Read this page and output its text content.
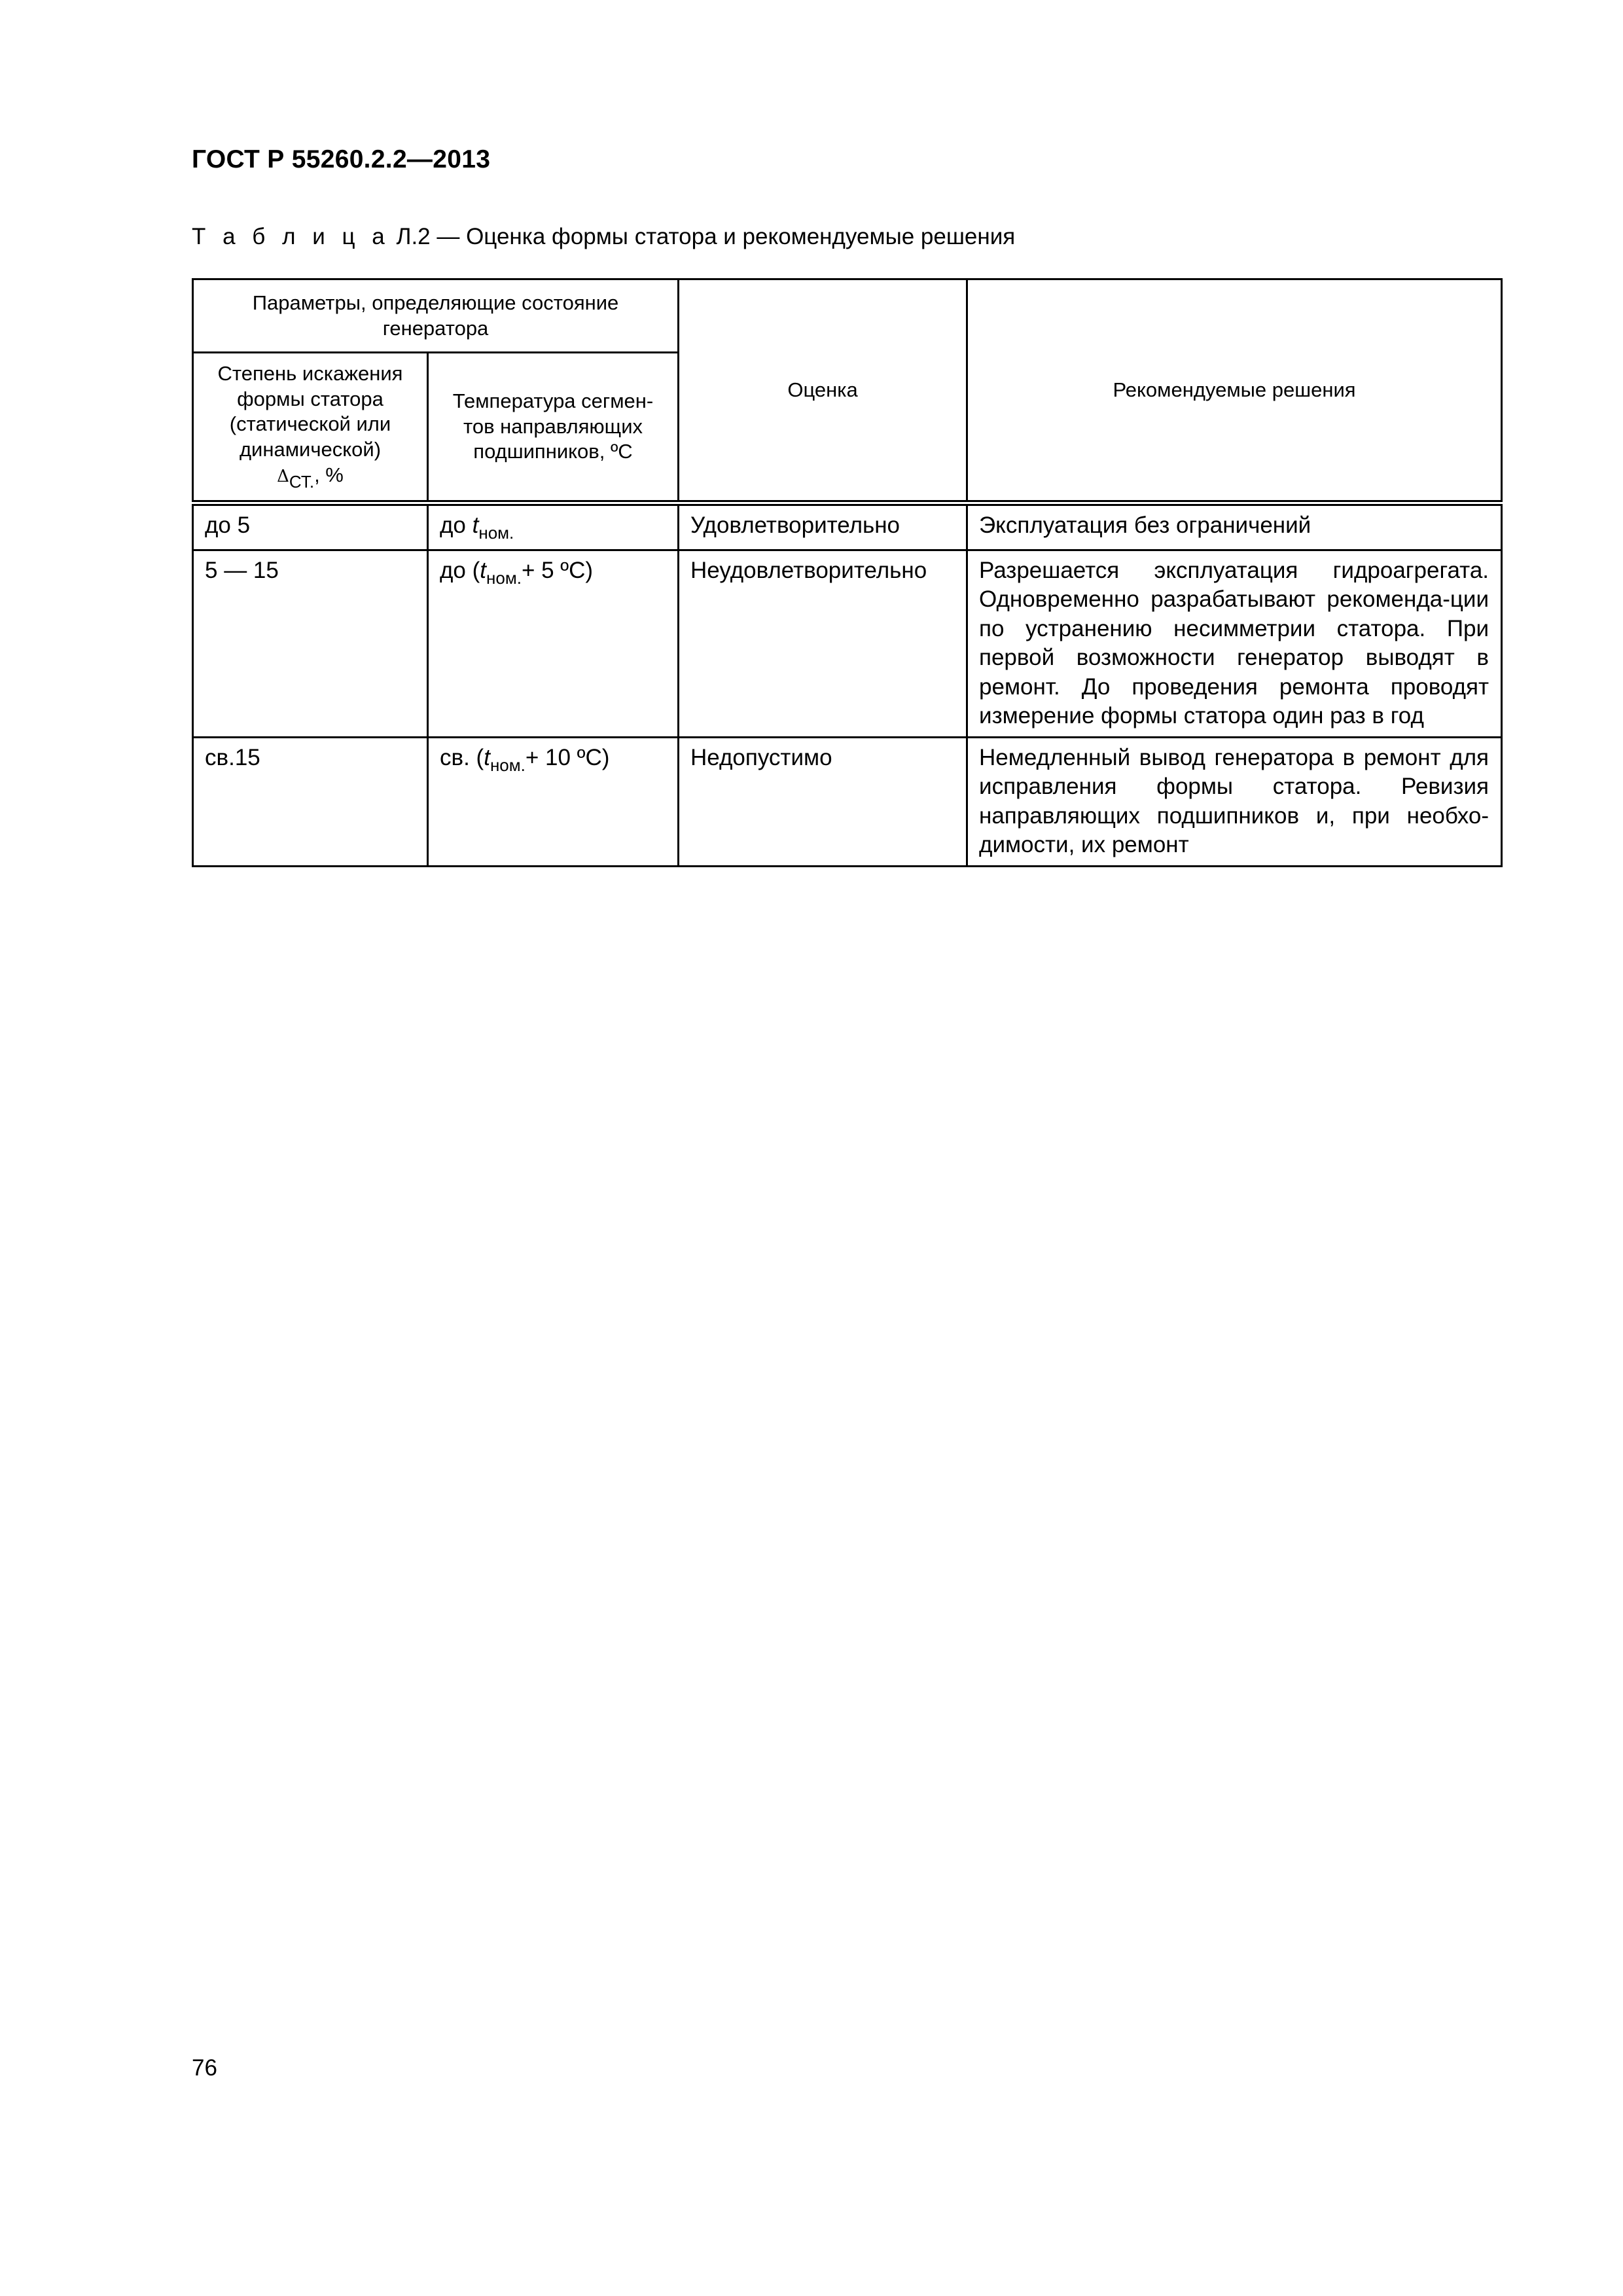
ГОСТ Р 55260.2.2—2013
Т а б л и ц а Л.2 — Оценка формы статора и рекомендуемые решения
Параметры, определяющие состояние генератора		Оценка	Рекомендуемые решения
Степень искажения формы статора (статической или динамической)
$\Delta_{СТ.}$, %	Температура сегмен-тов направляющих подшипников, ºС		
до 5	до $t_{ном.}$	Удовлетворительно	Эксплуатация без ограничений
5 — 15	до ($t_{ном.}+ 5$ ºС)	Неудовлетворительно	Разрешается эксплуатация гидроагрегата. Одновременно разрабатывают рекоменда-ции по устранению несимметрии статора. При первой возможности генератор выводят в ремонт. До проведения ремонта проводят измерение формы статора один раз в год
св.15	св. ($t_{ном.}+ 10$ ºС)	Недопустимо	Немедленный вывод генератора в ремонт для исправления формы статора. Ревизия направляющих подшипников и, при необхо-димости, их ремонт
76
